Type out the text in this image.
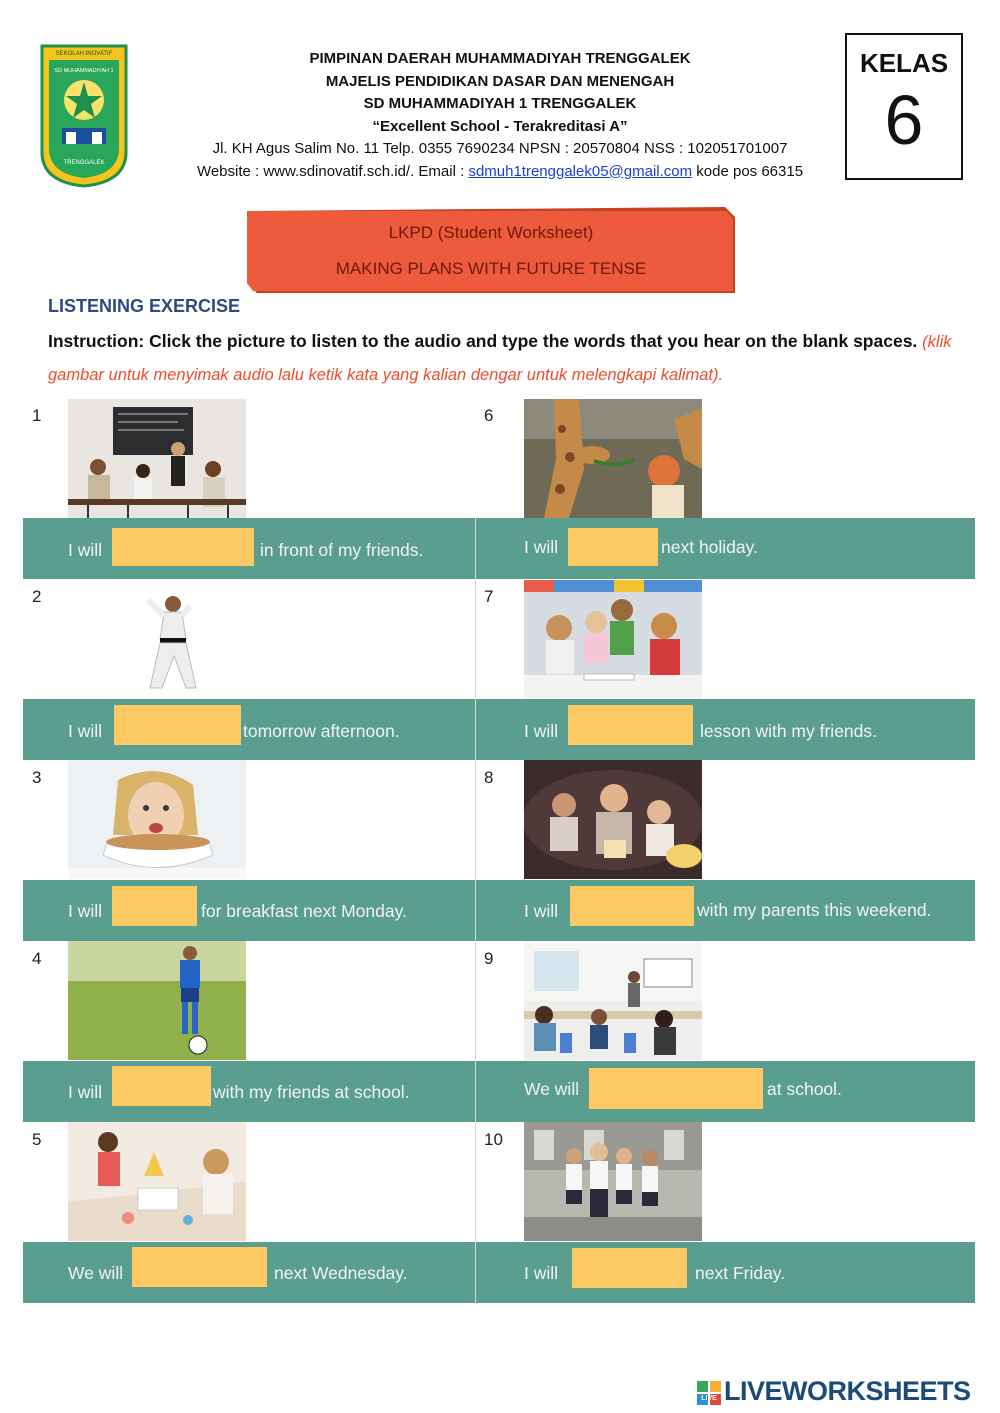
SEKOLAH INOVATIF
SD MUHAMMADIYAH 1
TRENGGALEK
PIMPINAN DAERAH MUHAMMADIYAH TRENGGALEK
MAJELIS PENDIDIKAN DASAR DAN MENENGAH
SD MUHAMMADIYAH 1 TRENGGALEK
“Excellent School - Terakreditasi A”
Jl. KH Agus Salim No. 11 Telp. 0355 7690234 NPSN : 20570804 NSS : 102051701007
Website : www.sdinovatif.sch.id/. Email : sdmuh1trenggalek05@gmail.com kode pos 66315
KELAS
6
LKPD (Student Worksheet)
MAKING PLANS WITH FUTURE TENSE
LISTENING EXERCISE
Instruction: Click the picture to listen to the audio and type the words that you hear on the blank spaces. (klik gambar untuk menyimak audio lalu ketik kata yang kalian dengar untuk melengkapi kalimat).
1
I will	in front of my friends.
2
I will	tomorrow afternoon.
3
I will	for breakfast next Monday.
4
I will	with my friends at school.
5
We will	next Wednesday.
6
I will	next holiday.
7
I will	lesson with my friends.
8
I will	with my parents this weekend.
9
We will	at school.
10
I will	next Friday.
LIVE LIVEWORKSHEETS
